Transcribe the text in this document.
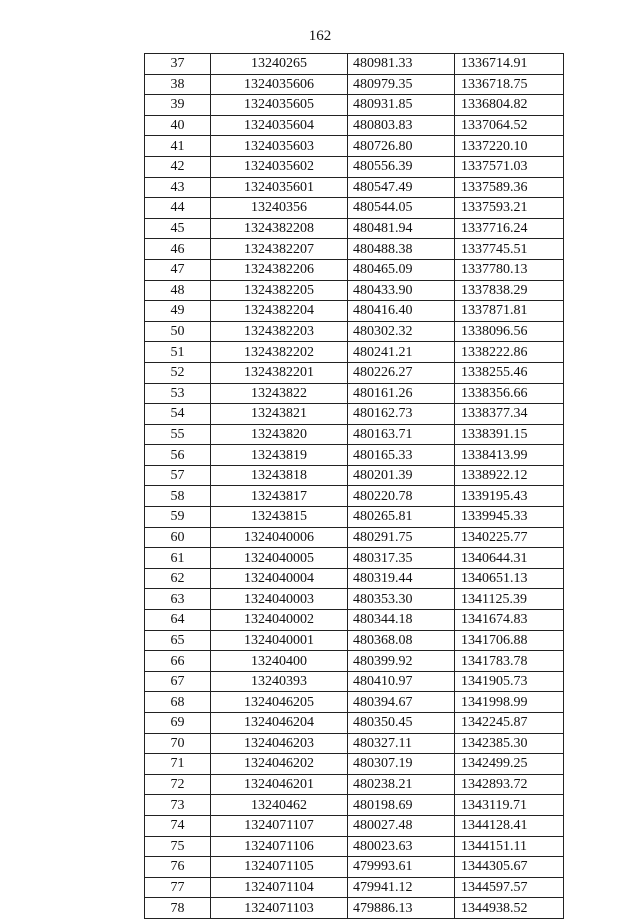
162
37	13240265	480981.33	1336714.91
38	1324035606	480979.35	1336718.75
39	1324035605	480931.85	1336804.82
40	1324035604	480803.83	1337064.52
41	1324035603	480726.80	1337220.10
42	1324035602	480556.39	1337571.03
43	1324035601	480547.49	1337589.36
44	13240356	480544.05	1337593.21
45	1324382208	480481.94	1337716.24
46	1324382207	480488.38	1337745.51
47	1324382206	480465.09	1337780.13
48	1324382205	480433.90	1337838.29
49	1324382204	480416.40	1337871.81
50	1324382203	480302.32	1338096.56
51	1324382202	480241.21	1338222.86
52	1324382201	480226.27	1338255.46
53	13243822	480161.26	1338356.66
54	13243821	480162.73	1338377.34
55	13243820	480163.71	1338391.15
56	13243819	480165.33	1338413.99
57	13243818	480201.39	1338922.12
58	13243817	480220.78	1339195.43
59	13243815	480265.81	1339945.33
60	1324040006	480291.75	1340225.77
61	1324040005	480317.35	1340644.31
62	1324040004	480319.44	1340651.13
63	1324040003	480353.30	1341125.39
64	1324040002	480344.18	1341674.83
65	1324040001	480368.08	1341706.88
66	13240400	480399.92	1341783.78
67	13240393	480410.97	1341905.73
68	1324046205	480394.67	1341998.99
69	1324046204	480350.45	1342245.87
70	1324046203	480327.11	1342385.30
71	1324046202	480307.19	1342499.25
72	1324046201	480238.21	1342893.72
73	13240462	480198.69	1343119.71
74	1324071107	480027.48	1344128.41
75	1324071106	480023.63	1344151.11
76	1324071105	479993.61	1344305.67
77	1324071104	479941.12	1344597.57
78	1324071103	479886.13	1344938.52
